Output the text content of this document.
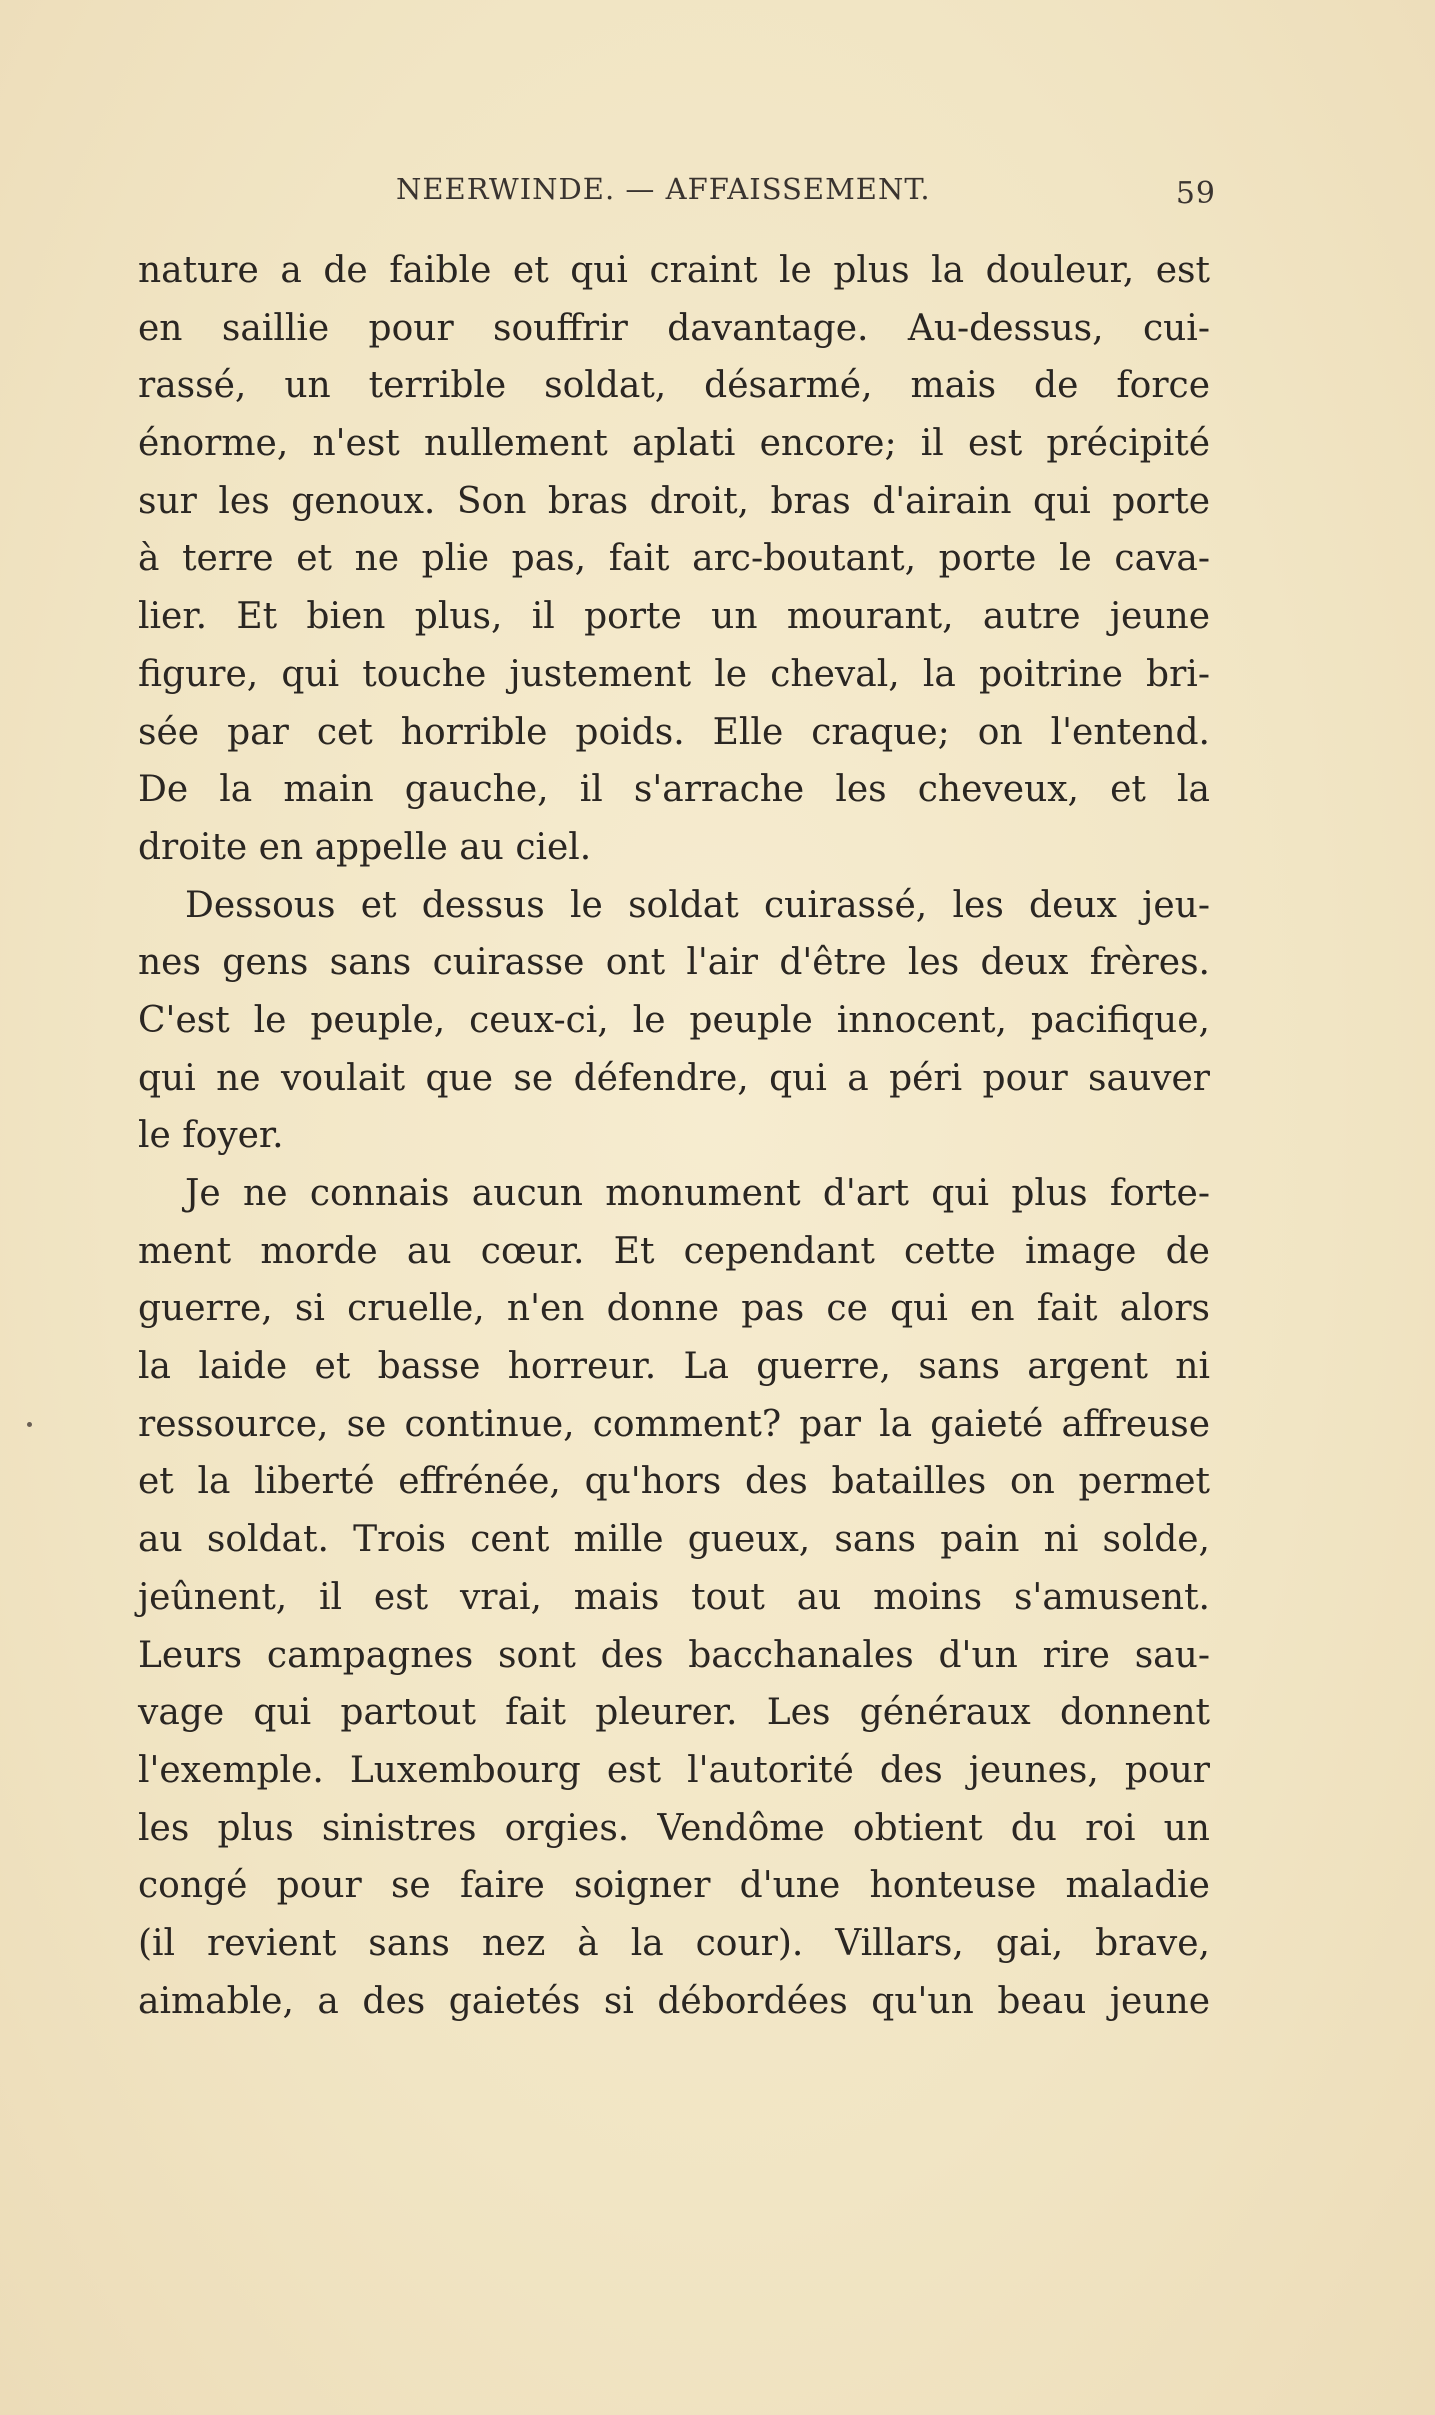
NEERWINDE. — AFFAISSEMENT.	59
nature a de faible et qui craint le plus la douleur, est
en saillie pour souffrir davantage. Au-dessus, cui-
rassé, un terrible soldat, désarmé, mais de force
énorme, n'est nullement aplati encore; il est précipité
sur les genoux. Son bras droit, bras d'airain qui porte
à terre et ne plie pas, fait arc-boutant, porte le cava-
lier. Et bien plus, il porte un mourant, autre jeune
figure, qui touche justement le cheval, la poitrine bri-
sée par cet horrible poids. Elle craque; on l'entend.
De la main gauche, il s'arrache les cheveux, et la
droite en appelle au ciel.
Dessous et dessus le soldat cuirassé, les deux jeu-
nes gens sans cuirasse ont l'air d'être les deux frères.
C'est le peuple, ceux-ci, le peuple innocent, pacifique,
qui ne voulait que se défendre, qui a péri pour sauver
le foyer.
Je ne connais aucun monument d'art qui plus forte-
ment morde au cœur. Et cependant cette image de
guerre, si cruelle, n'en donne pas ce qui en fait alors
la laide et basse horreur. La guerre, sans argent ni
ressource, se continue, comment? par la gaieté affreuse
et la liberté effrénée, qu'hors des batailles on permet
au soldat. Trois cent mille gueux, sans pain ni solde,
jeûnent, il est vrai, mais tout au moins s'amusent.
Leurs campagnes sont des bacchanales d'un rire sau-
vage qui partout fait pleurer. Les généraux donnent
l'exemple. Luxembourg est l'autorité des jeunes, pour
les plus sinistres orgies. Vendôme obtient du roi un
congé pour se faire soigner d'une honteuse maladie
(il revient sans nez à la cour). Villars, gai, brave,
aimable, a des gaietés si débordées qu'un beau jeune
